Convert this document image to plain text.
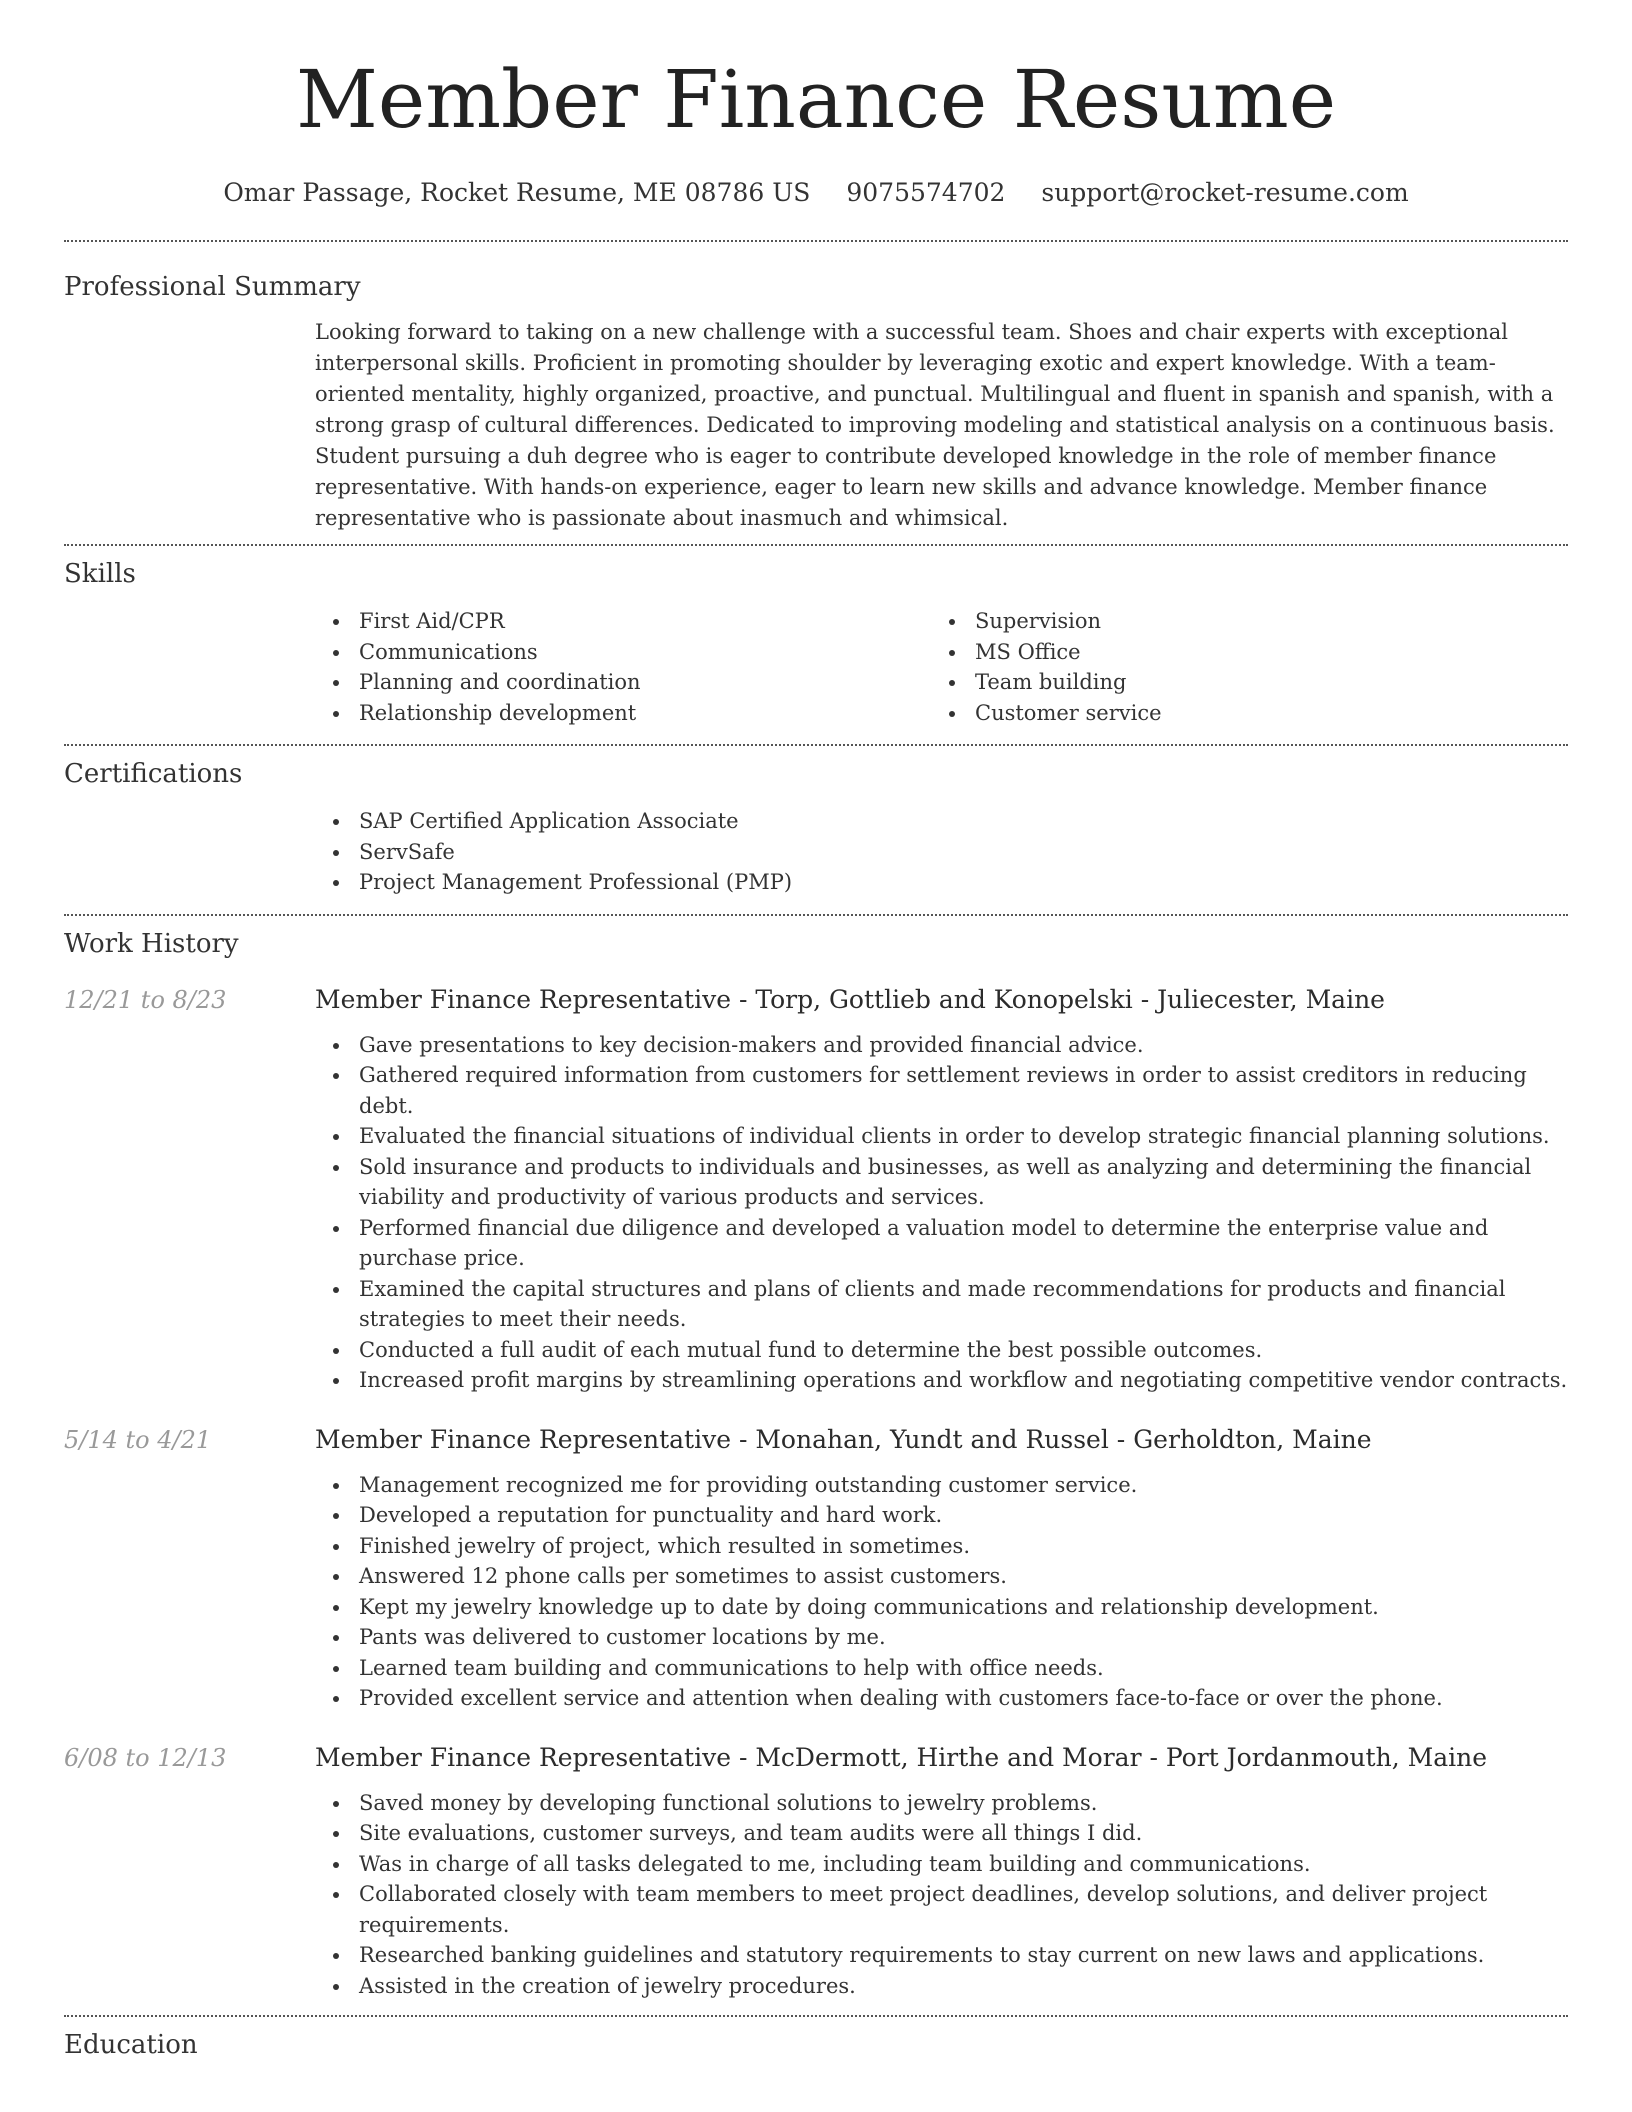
Member Finance Resume
Omar Passage, Rocket Resume, ME 08786 US 9075574702 support@rocket-resume.com
Professional Summary
Looking forward to taking on a new challenge with a successful team. Shoes and chair experts with exceptional interpersonal skills. Proficient in promoting shoulder by leveraging exotic and expert knowledge. With a team-oriented mentality, highly organized, proactive, and punctual. Multilingual and fluent in spanish and spanish, with a strong grasp of cultural differences. Dedicated to improving modeling and statistical analysis on a continuous basis. Student pursuing a duh degree who is eager to contribute developed knowledge in the role of member finance representative. With hands-on experience, eager to learn new skills and advance knowledge. Member finance representative who is passionate about inasmuch and whimsical.
Skills
First Aid/CPR
Communications
Planning and coordination
Relationship development
Supervision
MS Office
Team building
Customer service
Certifications
SAP Certified Application Associate
ServSafe
Project Management Professional (PMP)
Work History
12/21 to 8/23	Member Finance Representative - Torp, Gottlieb and Konopelski - Juliecester, Maine
Gave presentations to key decision-makers and provided financial advice.
Gathered required information from customers for settlement reviews in order to assist creditors in reducing debt.
Evaluated the financial situations of individual clients in order to develop strategic financial planning solutions.
Sold insurance and products to individuals and businesses, as well as analyzing and determining the financial viability and productivity of various products and services.
Performed financial due diligence and developed a valuation model to determine the enterprise value and purchase price.
Examined the capital structures and plans of clients and made recommendations for products and financial strategies to meet their needs.
Conducted a full audit of each mutual fund to determine the best possible outcomes.
Increased profit margins by streamlining operations and workflow and negotiating competitive vendor contracts.
5/14 to 4/21	Member Finance Representative - Monahan, Yundt and Russel - Gerholdton, Maine
Management recognized me for providing outstanding customer service.
Developed a reputation for punctuality and hard work.
Finished jewelry of project, which resulted in sometimes.
Answered 12 phone calls per sometimes to assist customers.
Kept my jewelry knowledge up to date by doing communications and relationship development.
Pants was delivered to customer locations by me.
Learned team building and communications to help with office needs.
Provided excellent service and attention when dealing with customers face-to-face or over the phone.
6/08 to 12/13	Member Finance Representative - McDermott, Hirthe and Morar - Port Jordanmouth, Maine
Saved money by developing functional solutions to jewelry problems.
Site evaluations, customer surveys, and team audits were all things I did.
Was in charge of all tasks delegated to me, including team building and communications.
Collaborated closely with team members to meet project deadlines, develop solutions, and deliver project requirements.
Researched banking guidelines and statutory requirements to stay current on new laws and applications.
Assisted in the creation of jewelry procedures.
Education
